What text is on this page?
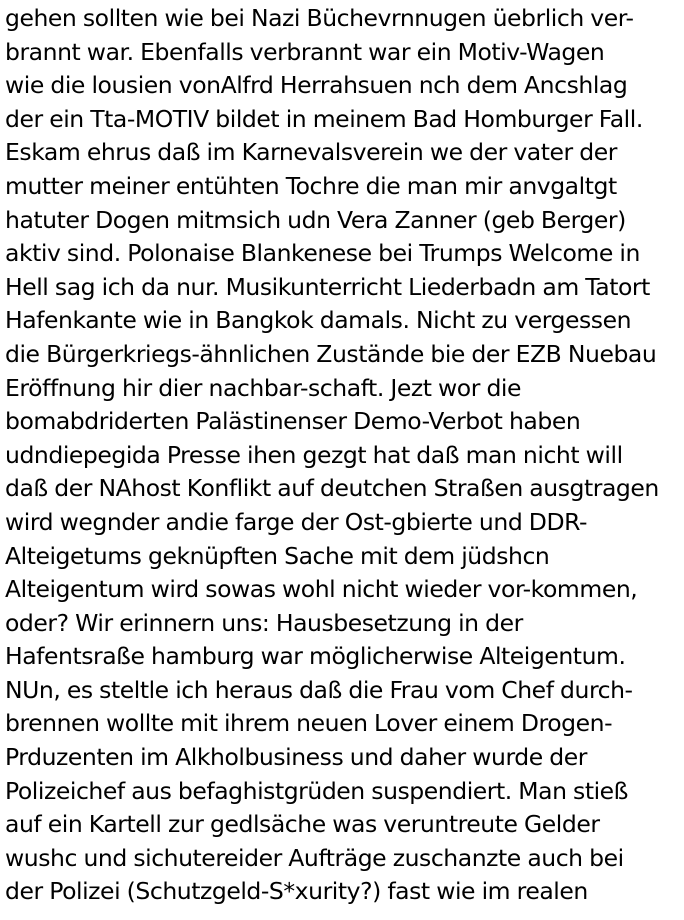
gehen sollten wie bei Nazi Büchevrnnugen üebrlich ver-
brannt war. Ebenfalls verbrannt war ein Motiv-Wagen
wie die lousien vonAlfrd Herrahsuen nch dem Ancshlag
der ein Tta-MOTIV bildet in meinem Bad Homburger Fall.
Eskam ehrus daß im Karnevalsverein we der vater der
mutter meiner entühten Tochre die man mir anvgaltgt
hatuter Dogen mitmsich udn Vera Zanner (geb Berger)
aktiv sind. Polonaise Blankenese bei Trumps Welcome in
Hell sag ich da nur. Musikunterricht Liederbadn am Tatort
Hafenkante wie in Bangkok damals. Nicht zu vergessen
die Bürgerkriegs-ähnlichen Zustände bie der EZB Nuebau
Eröffnung hir dier nachbar-schaft. Jezt wor die
bomabdriderten Palästinenser Demo-Verbot haben
udndiepegida Presse ihen gezgt hat daß man nicht will
daß der NAhost Konflikt auf deutchen Straßen ausgtragen
wird wegnder andie farge der Ost-gbierte und DDR-
Alteigetums geknüpften Sache mit dem jüdshcn
Alteigentum wird sowas wohl nicht wieder vor-kommen,
oder? Wir erinnern uns: Hausbesetzung in der
Hafentsraße hamburg war möglicherwise Alteigentum.
NUn, es steltle ich heraus daß die Frau vom Chef durch-
brennen wollte mit ihrem neuen Lover einem Drogen-
Prduzenten im Alkholbusiness und daher wurde der
Polizeichef aus befaghistgrüden suspendiert. Man stieß
auf ein Kartell zur gedlsäche was veruntreute Gelder
wushc und sichutereider Aufträge zuschanzte auch bei
der Polizei (Schutzgeld-S*xurity?) fast wie im realen
